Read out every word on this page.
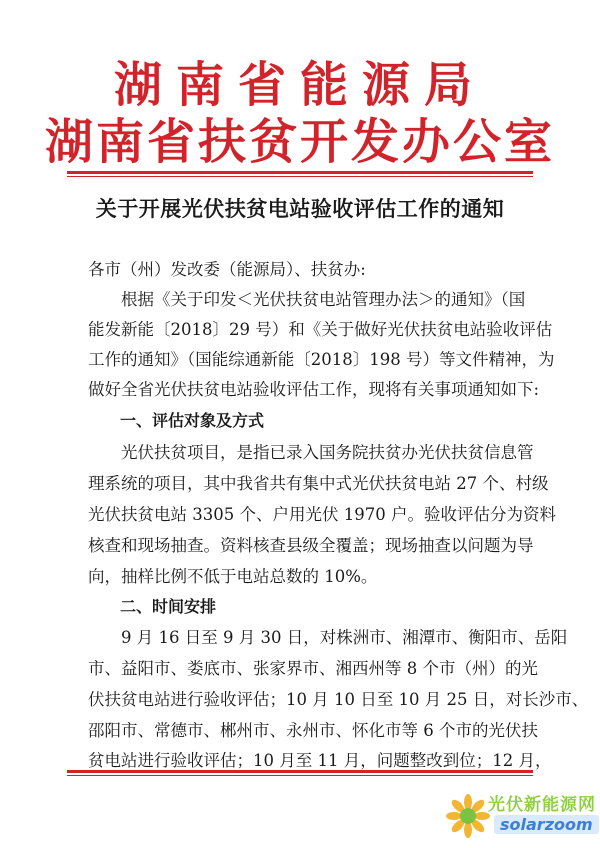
湖南省能源局
湖南省扶贫开发办公室
关于开展光伏扶贫电站验收评估工作的通知
各市（州）发改委（能源局）、扶贫办:
　　根据《关于印发＜光伏扶贫电站管理办法＞的通知》（国
能发新能〔2018〕29 号）和《关于做好光伏扶贫电站验收评估
工作的通知》（国能综通新能〔2018〕198 号）等文件精神，为
做好全省光伏扶贫电站验收评估工作，现将有关事项通知如下:
　　一、评估对象及方式
　　光伏扶贫项目，是指已录入国务院扶贫办光伏扶贫信息管
理系统的项目，其中我省共有集中式光伏扶贫电站 27 个、村级
光伏扶贫电站 3305 个、户用光伏 1970 户。验收评估分为资料
核查和现场抽查。资料核查县级全覆盖；现场抽查以问题为导
向，抽样比例不低于电站总数的 10%。
　　二、时间安排
　　9 月 16 日至 9 月 30 日，对株洲市、湘潭市、衡阳市、岳阳
市、益阳市、娄底市、张家界市、湘西州等 8 个市（州）的光
伏扶贫电站进行验收评估；10 月 10 日至 10 月 25 日，对长沙市、
邵阳市、常德市、郴州市、永州市、怀化市等 6 个市的光伏扶
贫电站进行验收评估；10 月至 11 月，问题整改到位；12 月，
光伏新能源网
solarzoom
